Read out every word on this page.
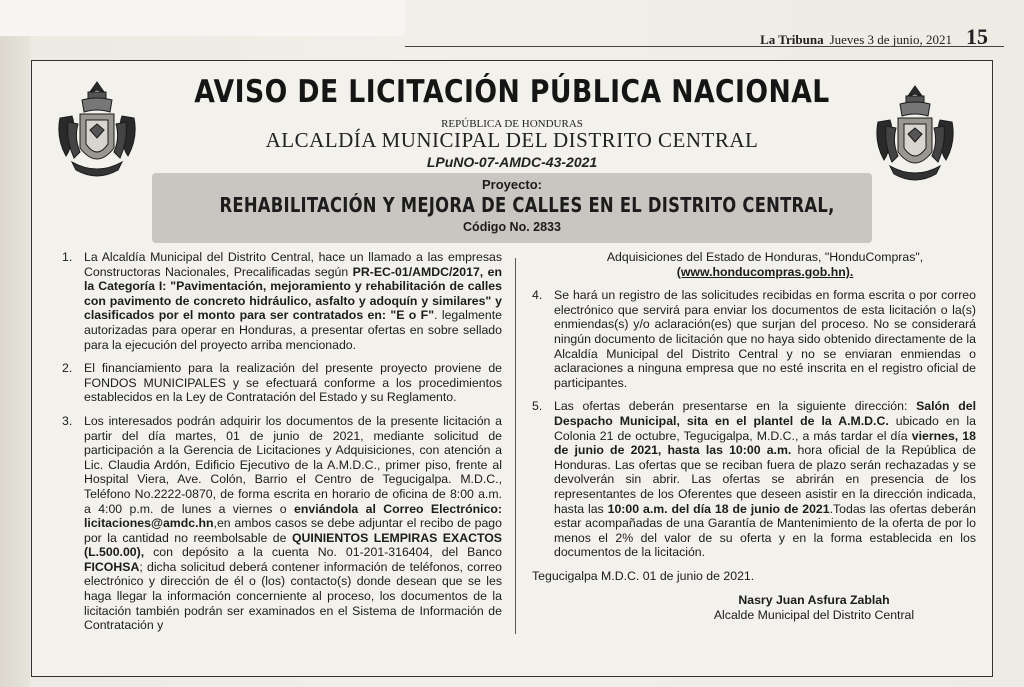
La Tribuna Jueves 3 de junio, 2021 15
AVISO DE LICITACIÓN PÚBLICA NACIONAL
REPÚBLICA DE HONDURAS
ALCALDÍA MUNICIPAL DEL DISTRITO CENTRAL
LPuNO-07-AMDC-43-2021
Proyecto:
REHABILITACIÓN Y MEJORA DE CALLES EN EL DISTRITO CENTRAL,
Código No. 2833
1. La Alcaldía Municipal del Distrito Central, hace un llamado a las empresas Constructoras Nacionales, Precalificadas según PR-EC-01/AMDC/2017, en la Categoría I: "Pavimentación, mejoramiento y rehabilitación de calles con pavimento de concreto hidráulico, asfalto y adoquín y similares" y clasificados por el monto para ser contratados en: "E o F". legalmente autorizadas para operar en Honduras, a presentar ofertas en sobre sellado para la ejecución del proyecto arriba mencionado.
2. El financiamiento para la realización del presente proyecto proviene de FONDOS MUNICIPALES y se efectuará conforme a los procedimientos establecidos en la Ley de Contratación del Estado y su Reglamento.
3. Los interesados podrán adquirir los documentos de la presente licitación a partir del día martes, 01 de junio de 2021, mediante solicitud de participación a la Gerencia de Licitaciones y Adquisiciones, con atención a Lic. Claudia Ardón, Edificio Ejecutivo de la A.M.D.C., primer piso, frente al Hospital Viera, Ave. Colón, Barrio el Centro de Tegucigalpa. M.D.C., Teléfono No.2222-0870, de forma escrita en horario de oficina de 8:00 a.m. a 4:00 p.m. de lunes a viernes o enviándola al Correo Electrónico: licitaciones@amdc.hn,en ambos casos se debe adjuntar el recibo de pago por la cantidad no reembolsable de QUINIENTOS LEMPIRAS EXACTOS (L.500.00), con depósito a la cuenta No. 01-201-316404, del Banco FICOHSA; dicha solicitud deberá contener información de teléfonos, correo electrónico y dirección de él o (los) contacto(s) donde desean que se les haga llegar la información concerniente al proceso, los documentos de la licitación también podrán ser examinados en el Sistema de Información de Contratación y
Adquisiciones del Estado de Honduras, "HonduCompras",
(www.honducompras.gob.hn).
4. Se hará un registro de las solicitudes recibidas en forma escrita o por correo electrónico que servirá para enviar los documentos de esta licitación o la(s) enmiendas(s) y/o aclaración(es) que surjan del proceso. No se considerará ningún documento de licitación que no haya sido obtenido directamente de la Alcaldía Municipal del Distrito Central y no se enviaran enmiendas o aclaraciones a ninguna empresa que no esté inscrita en el registro oficial de participantes.
5. Las ofertas deberán presentarse en la siguiente dirección: Salón del Despacho Municipal, sita en el plantel de la A.M.D.C. ubicado en la Colonia 21 de octubre, Tegucigalpa, M.D.C., a más tardar el día viernes, 18 de junio de 2021, hasta las 10:00 a.m. hora oficial de la República de Honduras. Las ofertas que se reciban fuera de plazo serán rechazadas y se devolverán sin abrir. Las ofertas se abrirán en presencia de los representantes de los Oferentes que deseen asistir en la dirección indicada, hasta las 10:00 a.m. del día 18 de junio de 2021.Todas las ofertas deberán estar acompañadas de una Garantía de Mantenimiento de la oferta de por lo menos el 2% del valor de su oferta y en la forma establecida en los documentos de la licitación.
Tegucigalpa M.D.C. 01 de junio de 2021.
Nasry Juan Asfura Zablah
Alcalde Municipal del Distrito Central
